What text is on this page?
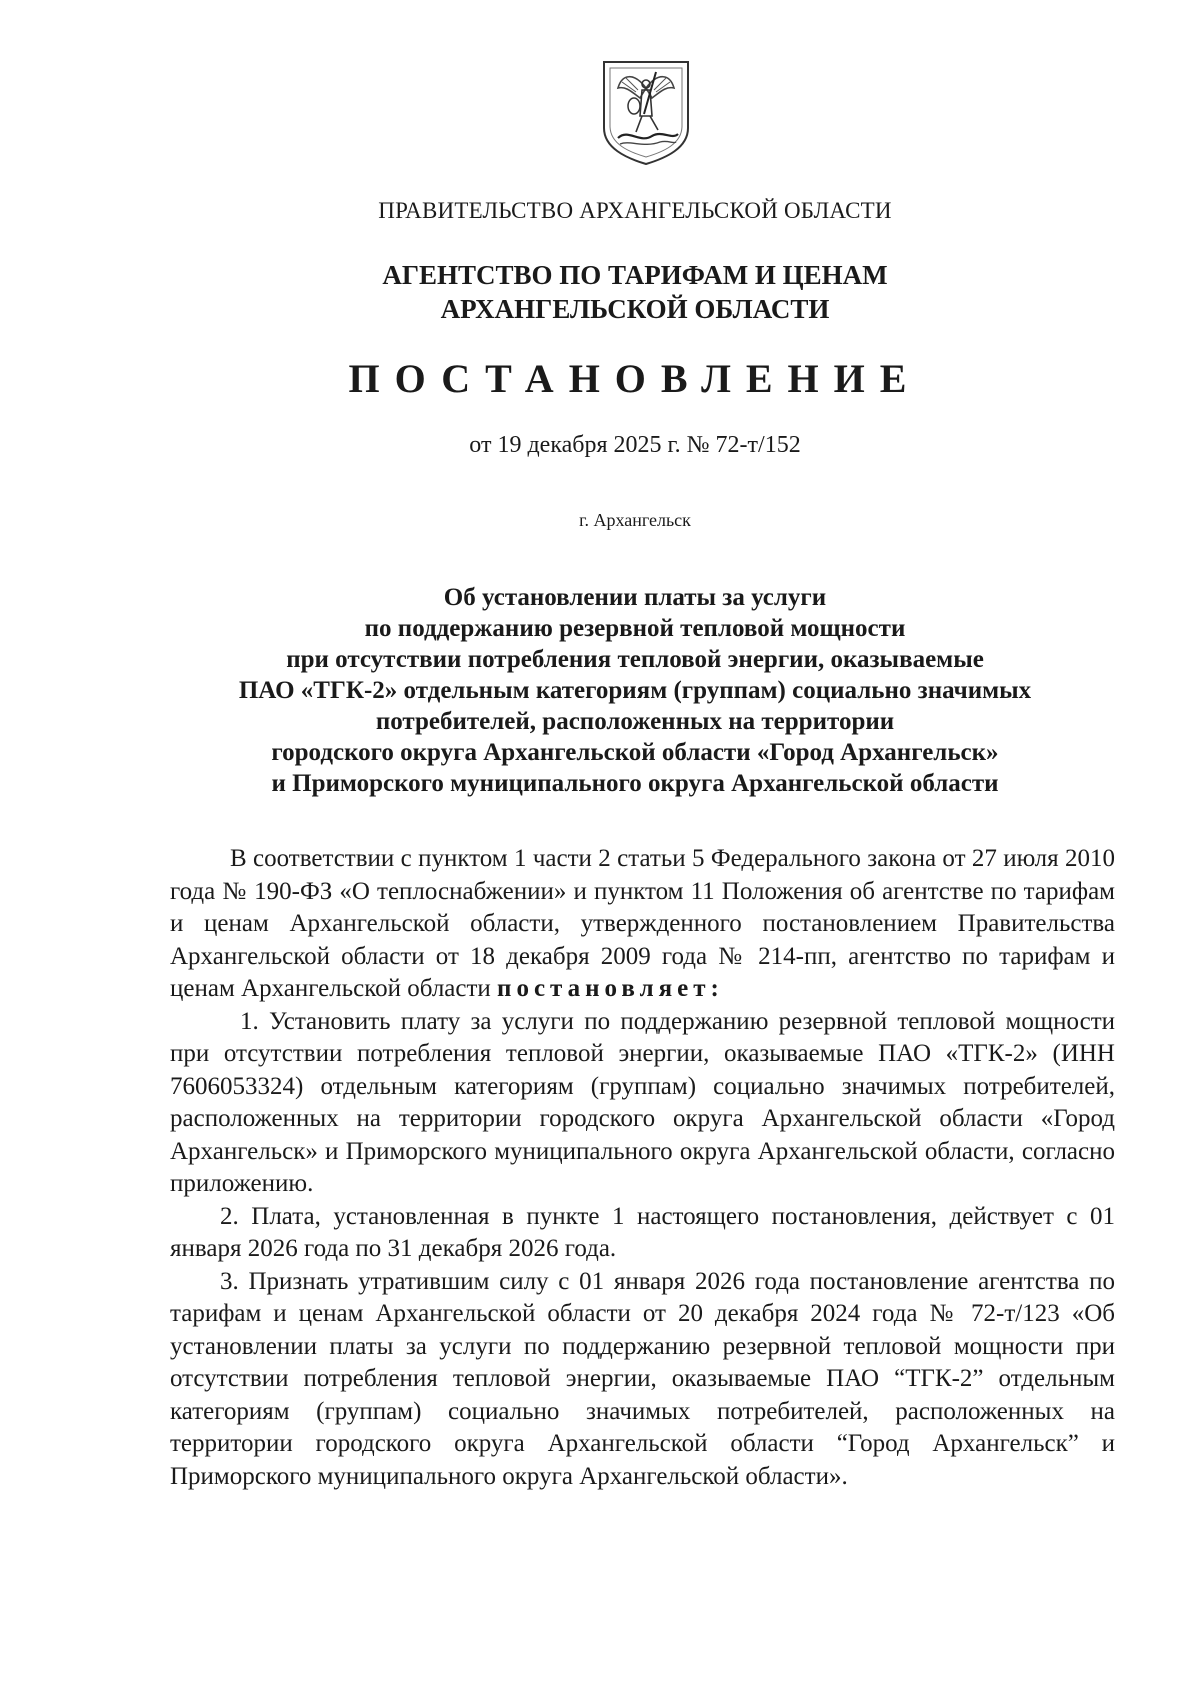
ПРАВИТЕЛЬСТВО АРХАНГЕЛЬСКОЙ ОБЛАСТИ
АГЕНТСТВО ПО ТАРИФАМ И ЦЕНАМ
АРХАНГЕЛЬСКОЙ ОБЛАСТИ
ПОСТАНОВЛЕНИЕ
от 19 декабря 2025 г. № 72-т/152
г. Архангельск
Об установлении платы за услуги
по поддержанию резервной тепловой мощности
при отсутствии потребления тепловой энергии, оказываемые
ПАО «ТГК-2» отдельным категориям (группам) социально значимых
потребителей, расположенных на территории
городского округа Архангельской области «Город Архангельск»
и Приморского муниципального округа Архангельской области

В соответствии с пунктом 1 части 2 статьи 5 Федерального закона от 27 июля 2010 года № 190-ФЗ «О теплоснабжении» и пунктом 11 Положения об агентстве по тарифам и ценам Архангельской области, утвержденного постановлением Правительства Архангельской области от 18 декабря 2009 года № 214-пп, агентство по тарифам и ценам Архангельской области постановляет:

1. Установить плату за услуги по поддержанию резервной тепловой мощности при отсутствии потребления тепловой энергии, оказываемые ПАО «ТГК-2» (ИНН 7606053324) отдельным категориям (группам) социально значимых потребителей, расположенных на территории городского округа Архангельской области «Город Архангельск» и Приморского муниципального округа Архангельской области, согласно приложению.

2. Плата, установленная в пункте 1 настоящего постановления, действует с 01 января 2026 года по 31 декабря 2026 года.

3. Признать утратившим силу с 01 января 2026 года постановление агентства по тарифам и ценам Архангельской области от 20 декабря 2024 года № 72-т/123 «Об установлении платы за услуги по поддержанию резервной тепловой мощности при отсутствии потребления тепловой энергии, оказываемые ПАО “ТГК-2” отдельным категориям (группам) социально значимых потребителей, расположенных на территории городского округа Архангельской области “Город Архангельск” и Приморского муниципального округа Архангельской области».
